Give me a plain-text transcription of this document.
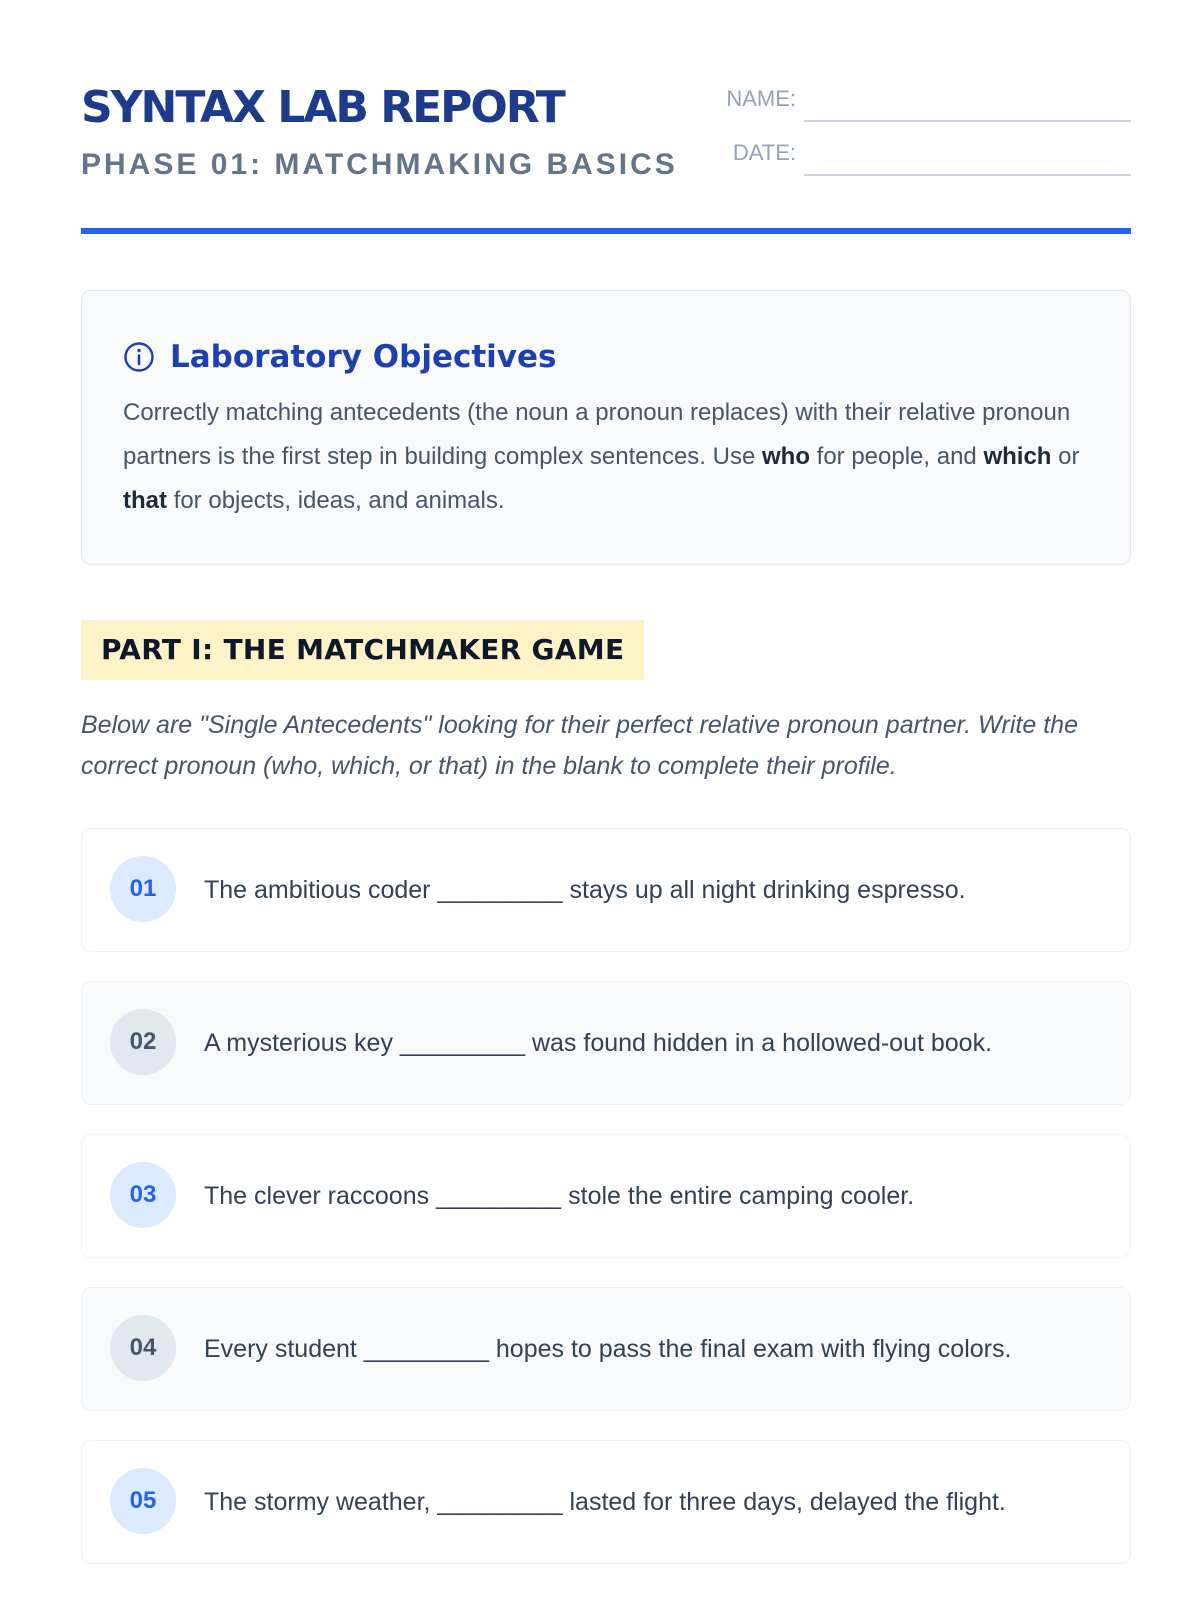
SYNTAX LAB REPORT
PHASE 01: MATCHMAKING BASICS
NAME:
DATE:
Laboratory Objectives

Correctly matching antecedents (the noun a pronoun replaces) with their relative pronoun partners is the first step in building complex sentences. Use who for people, and which or that for objects, ideas, and animals.

PART I: THE MATCHMAKER GAME

Below are "Single Antecedents" looking for their perfect relative pronoun partner. Write the correct pronoun (who, which, or that) in the blank to complete their profile.

01	The ambitious coder _________ stays up all night drinking espresso.
02	A mysterious key _________ was found hidden in a hollowed-out book.
03	The clever raccoons _________ stole the entire camping cooler.
04	Every student _________ hopes to pass the final exam with flying colors.
05	The stormy weather, _________ lasted for three days, delayed the flight.
